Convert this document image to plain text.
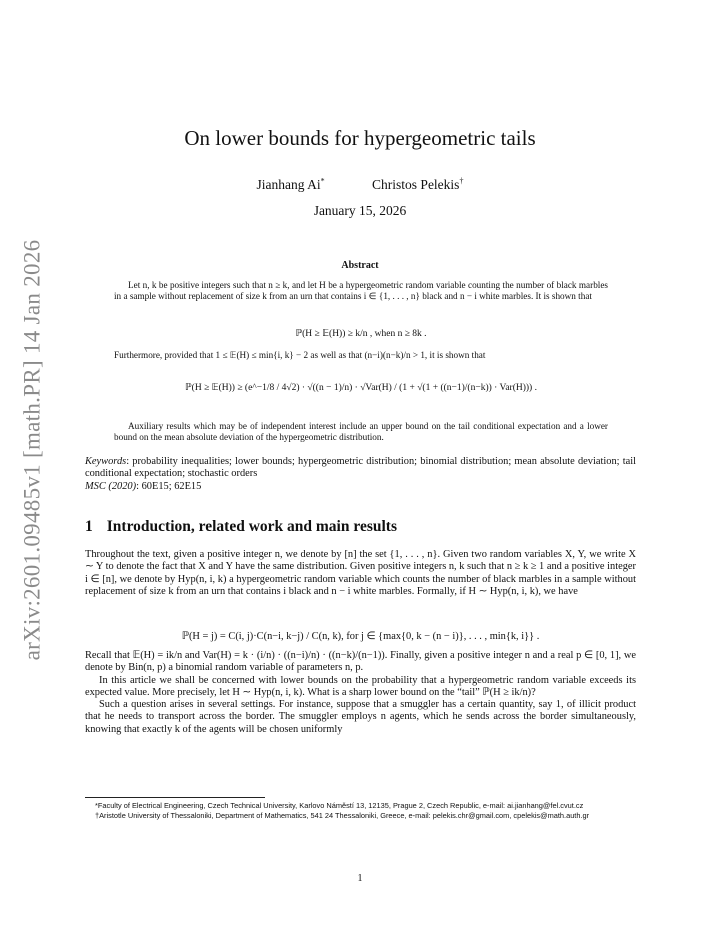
arXiv:2601.09485v1 [math.PR] 14 Jan 2026
On lower bounds for hypergeometric tails
Jianhang Ai*	Christos Pelekis†
January 15, 2026
Abstract

Let n, k be positive integers such that n ≥ k, and let H be a hypergeometric random variable counting the number of black marbles in a sample without replacement of size k from an urn that contains i ∈ {1, . . . , n} black and n − i white marbles. It is shown that

ℙ(H ≥ 𝔼(H)) ≥ k/n , when n ≥ 8k .

Furthermore, provided that 1 ≤ 𝔼(H) ≤ min{i, k} − 2 as well as that (n−i)(n−k)/n > 1, it is shown that

ℙ(H ≥ 𝔼(H)) ≥ (e^−1/8 / 4√2) · √((n − 1)/n) · √Var(H) / (1 + √(1 + ((n−1)/(n−k)) · Var(H))) .

Auxiliary results which may be of independent interest include an upper bound on the tail conditional expectation and a lower bound on the mean absolute deviation of the hypergeometric distribution.

Keywords: probability inequalities; lower bounds; hypergeometric distribution; binomial distribution; mean absolute deviation; tail conditional expectation; stochastic orders

MSC (2020): 60E15; 62E15

1 Introduction, related work and main results

Throughout the text, given a positive integer n, we denote by [n] the set {1, . . . , n}. Given two random variables X, Y, we write X ∼ Y to denote the fact that X and Y have the same distribution. Given positive integers n, k such that n ≥ k ≥ 1 and a positive integer i ∈ [n], we denote by Hyp(n, i, k) a hypergeometric random variable which counts the number of black marbles in a sample without replacement of size k from an urn that contains i black and n − i white marbles. Formally, if H ∼ Hyp(n, i, k), we have

ℙ(H = j) = C(i, j)·C(n−i, k−j) / C(n, k), for j ∈ {max{0, k − (n − i)}, . . . , min{k, i}} .

Recall that 𝔼(H) = ik/n and Var(H) = k · (i/n) · ((n−i)/n) · ((n−k)/(n−1)). Finally, given a positive integer n and a real p ∈ [0, 1], we denote by Bin(n, p) a binomial random variable of parameters n, p.

In this article we shall be concerned with lower bounds on the probability that a hypergeometric random variable exceeds its expected value. More precisely, let H ∼ Hyp(n, i, k). What is a sharp lower bound on the “tail” ℙ(H ≥ ik/n)?

Such a question arises in several settings. For instance, suppose that a smuggler has a certain quantity, say 1, of illicit product that he needs to transport across the border. The smuggler employs n agents, which he sends across the border simultaneously, knowing that exactly k of the agents will be chosen uniformly

*Faculty of Electrical Engineering, Czech Technical University, Karlovo Náměstí 13, 12135, Prague 2, Czech Republic, e-mail: ai.jianhang@fel.cvut.cz

†Aristotle University of Thessaloniki, Department of Mathematics, 541 24 Thessaloniki, Greece, e-mail: pelekis.chr@gmail.com, cpelekis@math.auth.gr

1
